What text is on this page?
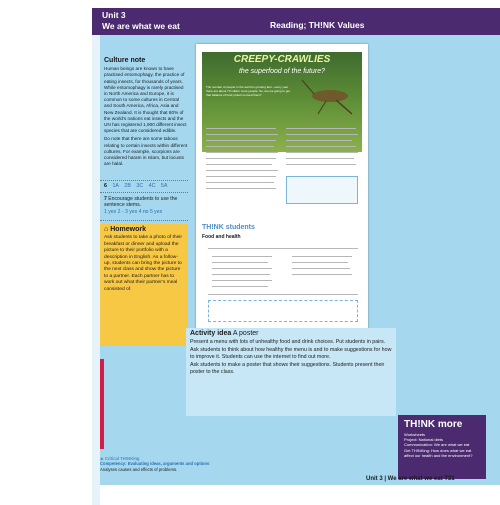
Unit 3
We are what we eat	Reading; TH!NK Values
Culture note

Human beings are known to have practised entomophagy, the practice of eating insects, for thousands of years. While entomophagy is rarely practised in North America and Europe, it is common to some cultures in Central and South America, Africa, Asia and New Zealand. It is thought that 80% of the world's nations eat insects and the UN has registered 1,900 different insect species that are considered edible.

Do note that there are some taboos relating to certain insects within different cultures. For example, scorpions are considered haram in Islam, but locusts are halal.

6 1A 2B 3C 4C 5A
7 Encourage students to use the sentence stems.
1 yes 2 - 3 yes 4 no 5 yes
⌂ Homework

Ask students to take a photo of their breakfast or dinner and upload the picture to their portfolio with a description in English. As a follow-up, students can bring the picture to the next class and show the picture to a partner. Each partner has to work out what their partner's meal consisted of.

CREEPY-CRAWLIES
the superfood of the future?
The number of people in the world is growing fast - every year there are about 70 million more people. So, are we going to get that balance of food protein to feed them?
TH!NK students
Food and health
Activity idea A poster

Present a menu with lots of unhealthy food and drink choices. Put students in pairs.

Ask students to think about how healthy the menu is and to make suggestions for how to improve it. Students can use the internet to find out more.

Ask students to make a poster that shows their suggestions. Students present their poster to the class.

TH!NK more

Worksheets

Project: National diets

Communication: We are what we eat

Get TH!NKing: How does what we eat affect our health and the environment?

◉ Critical TH!NKing
Competency: Evaluating ideas, arguments and options
Analyses causes and effects of problems.
Unit 3 | We are what we eat T31
